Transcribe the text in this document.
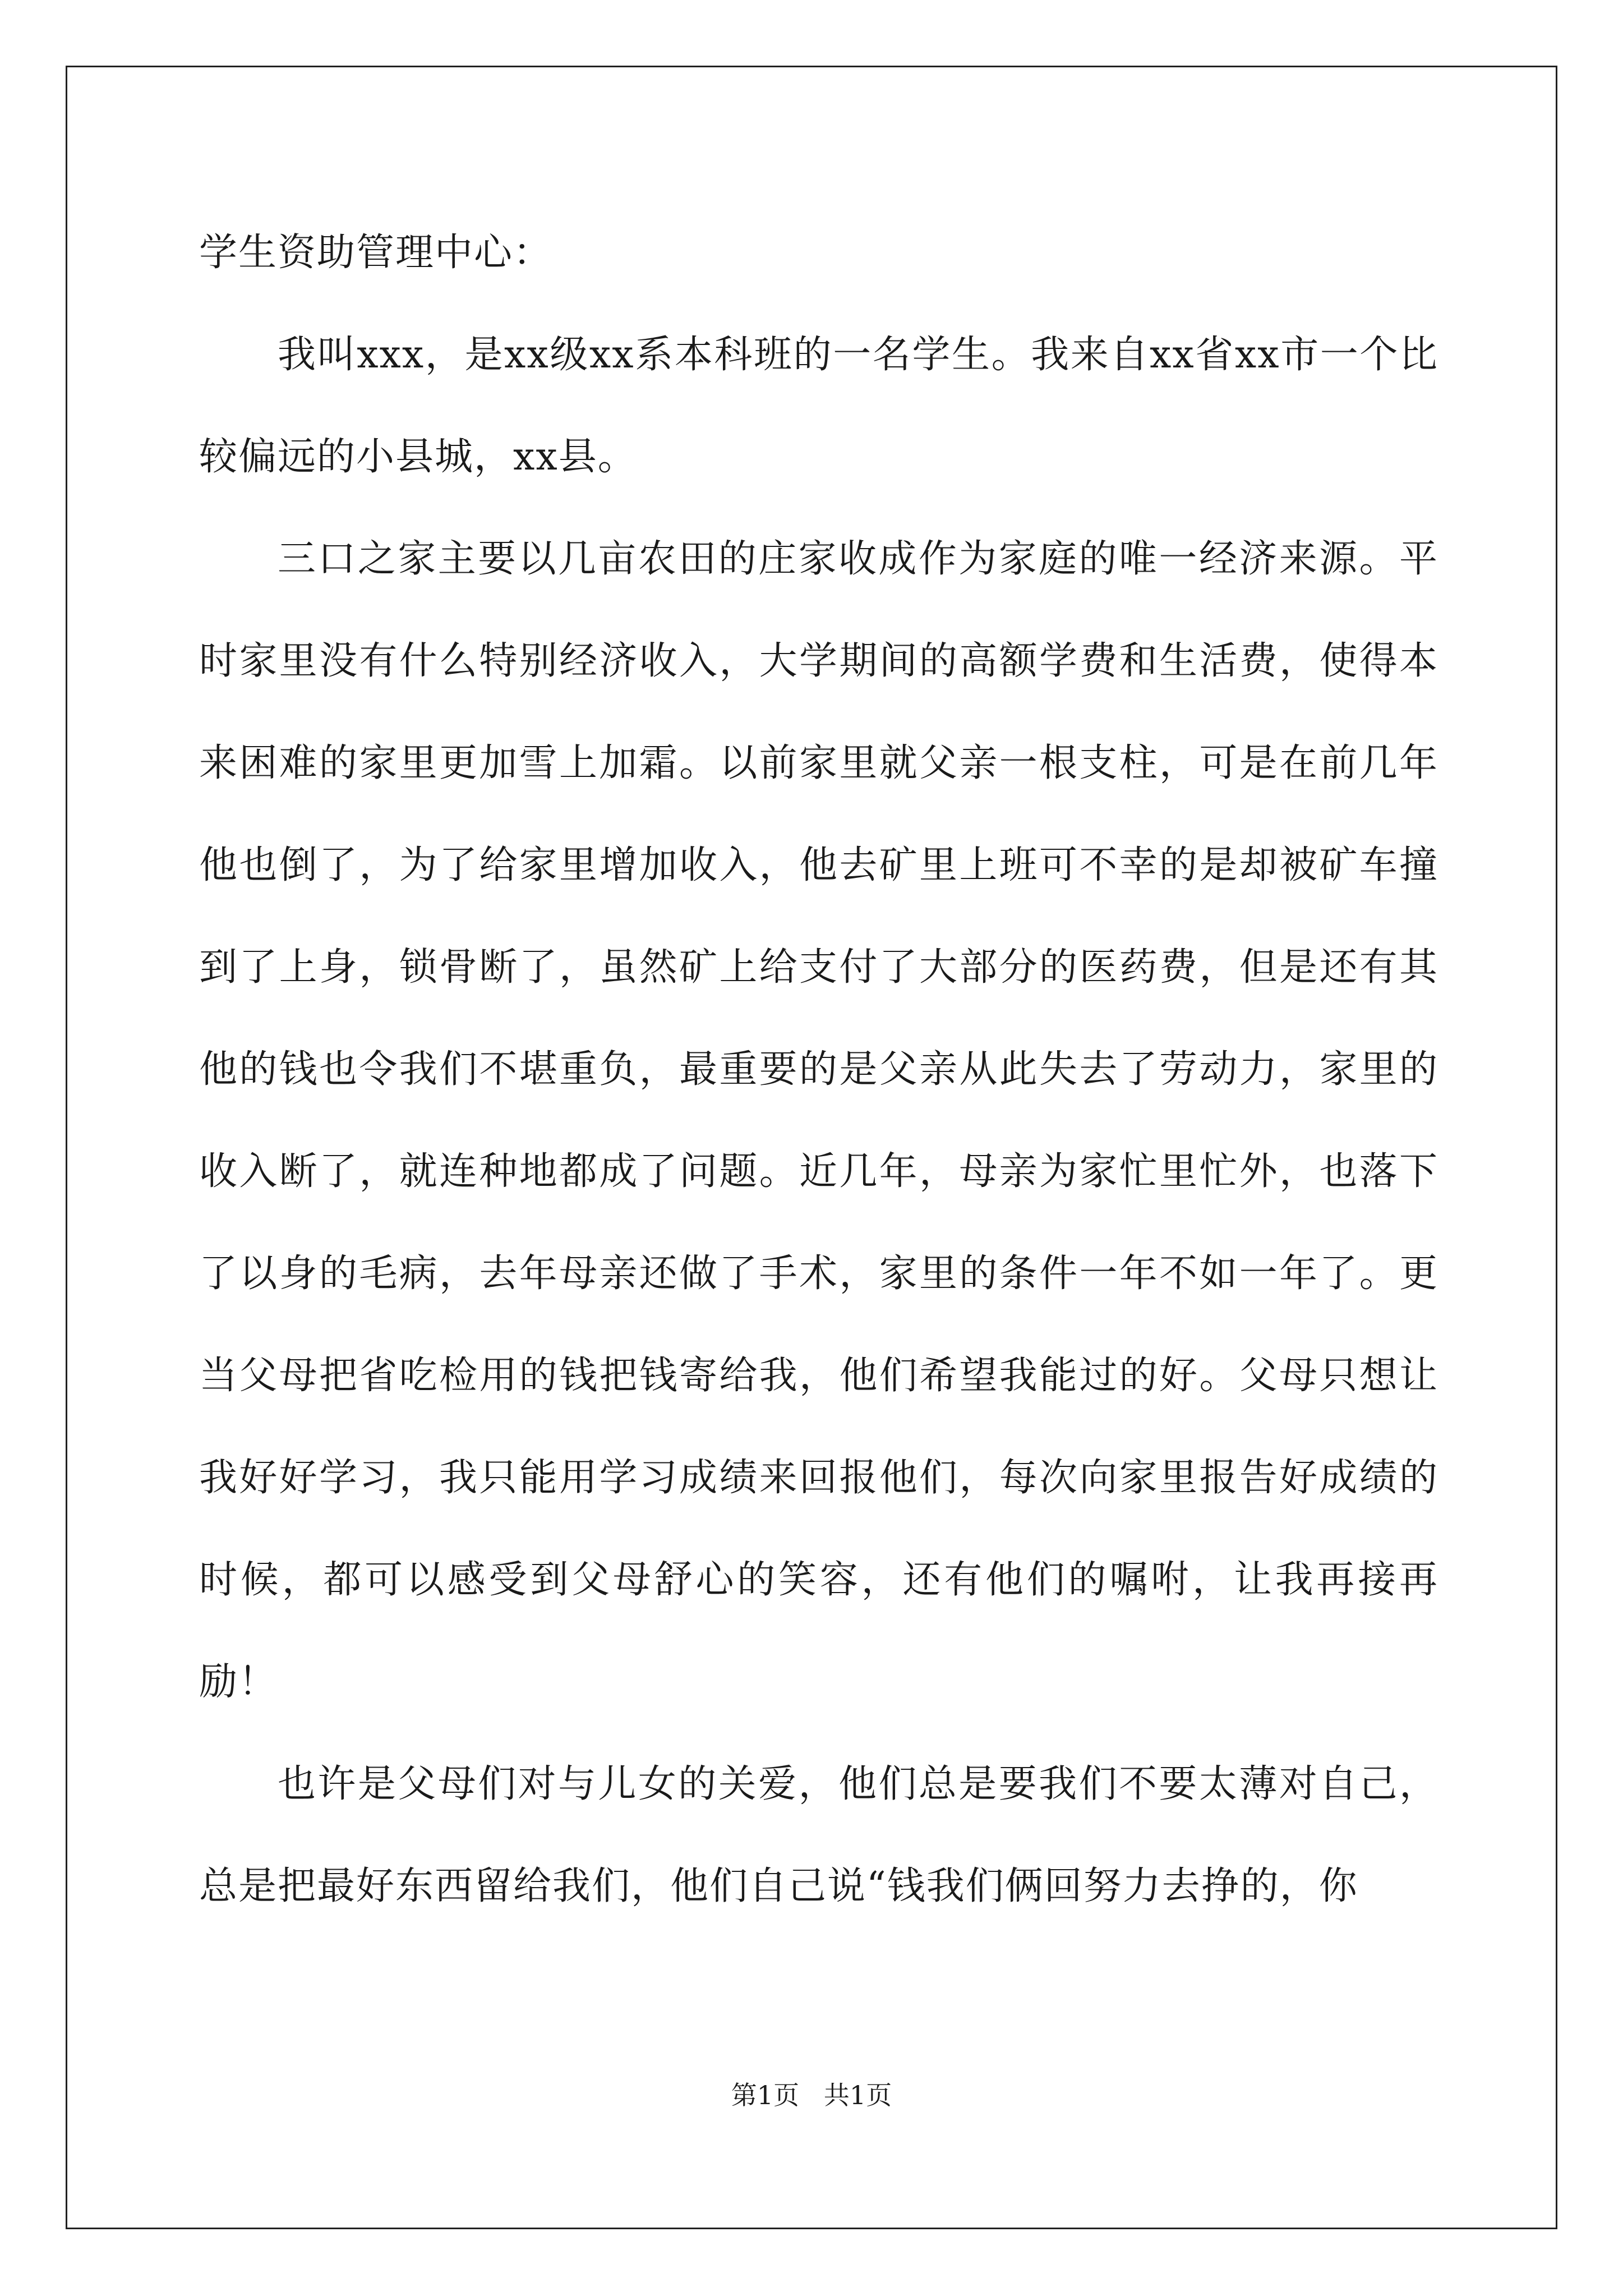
学生资助管理中心：

我叫xxx，是xx级xx系本科班的一名学生。我来自xx省xx市一个比较偏远的小县城，xx县。

三口之家主要以几亩农田的庄家收成作为家庭的唯一经济来源。平时家里没有什么特别经济收入，大学期间的高额学费和生活费，使得本来困难的家里更加雪上加霜。以前家里就父亲一根支柱，可是在前几年他也倒了，为了给家里增加收入，他去矿里上班可不幸的是却被矿车撞到了上身，锁骨断了，虽然矿上给支付了大部分的医药费，但是还有其他的钱也令我们不堪重负，最重要的是父亲从此失去了劳动力，家里的收入断了，就连种地都成了问题。近几年，母亲为家忙里忙外，也落下了以身的毛病，去年母亲还做了手术，家里的条件一年不如一年了。更当父母把省吃检用的钱把钱寄给我，他们希望我能过的好。父母只想让我好好学习，我只能用学习成绩来回报他们，每次向家里报告好成绩的时候，都可以感受到父母舒心的笑容，还有他们的嘱咐，让我再接再励！

也许是父母们对与儿女的关爱，他们总是要我们不要太薄对自己，总是把最好东西留给我们，他们自己说“钱我们俩回努力去挣的，你

第1页   共1页
